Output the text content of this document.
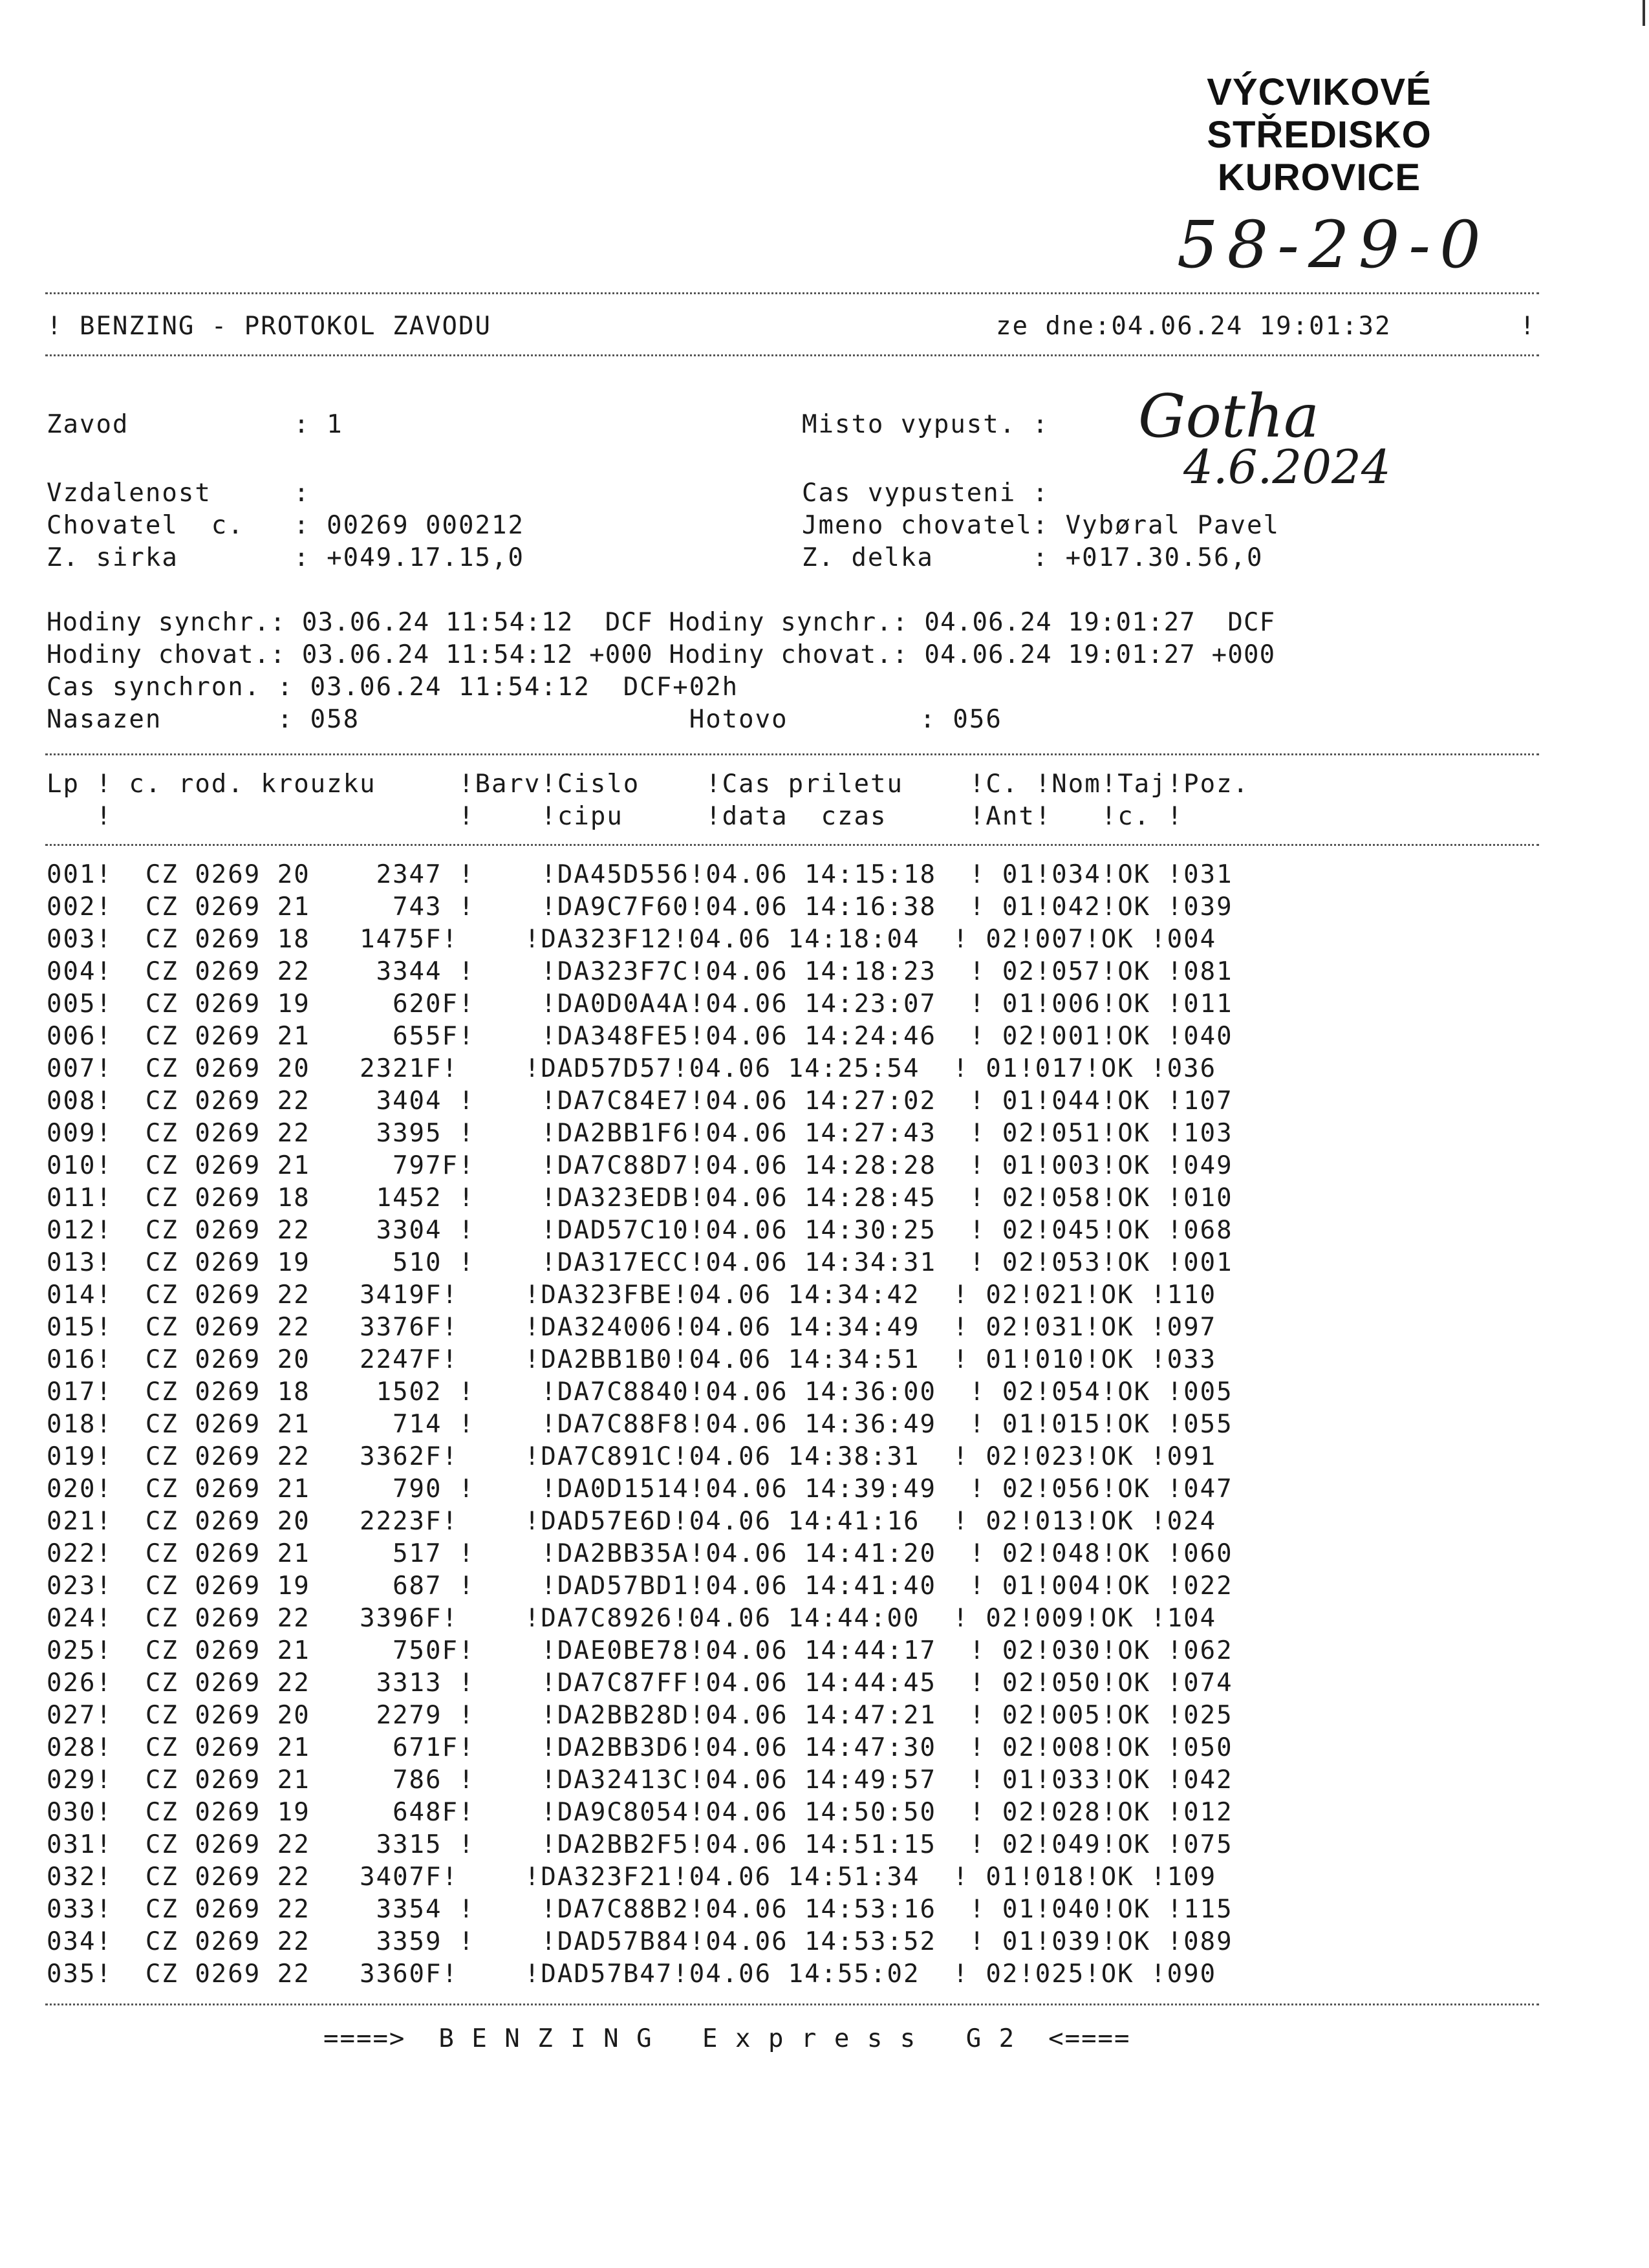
VÝCVIKOVÉ STŘEDISKO
KUROVICE
58-29-0
! BENZING - PROTOKOL ZAVODU	ze dne:04.06.24 19:01:32	!
Zavod          : 1	Misto vypust. : Gotha
Vzdalenost     :	Cas vypusteni :	4.6.2024
Chovatel  c.   : 00269 000212	Jmeno chovatel: Vybøral Pavel
Z. sirka       : +049.17.15,0	Z. delka      : +017.30.56,0
Hodiny synchr.: 03.06.24 11:54:12  DCF Hodiny synchr.: 04.06.24 19:01:27  DCF
Hodiny chovat.: 03.06.24 11:54:12 +000 Hodiny chovat.: 04.06.24 19:01:27 +000
Cas synchron. : 03.06.24 11:54:12  DCF+02h
Nasazen       : 058                    Hotovo        : 056
Lp ! c. rod. krouzku     !Barv!Cislo    !Cas priletu    !C. !Nom!Taj!Poz.
!                     !    !cipu     !data  czas     !Ant!   !c. !
001!  CZ 0269 20    2347 !    !DA45D556!04.06 14:15:18  ! 01!034!OK !031
002!  CZ 0269 21     743 !    !DA9C7F60!04.06 14:16:38  ! 01!042!OK !039
003!  CZ 0269 18   1475F!    !DA323F12!04.06 14:18:04  ! 02!007!OK !004
004!  CZ 0269 22    3344 !    !DA323F7C!04.06 14:18:23  ! 02!057!OK !081
005!  CZ 0269 19     620F!    !DA0D0A4A!04.06 14:23:07  ! 01!006!OK !011
006!  CZ 0269 21     655F!    !DA348FE5!04.06 14:24:46  ! 02!001!OK !040
007!  CZ 0269 20   2321F!    !DAD57D57!04.06 14:25:54  ! 01!017!OK !036
008!  CZ 0269 22    3404 !    !DA7C84E7!04.06 14:27:02  ! 01!044!OK !107
009!  CZ 0269 22    3395 !    !DA2BB1F6!04.06 14:27:43  ! 02!051!OK !103
010!  CZ 0269 21     797F!    !DA7C88D7!04.06 14:28:28  ! 01!003!OK !049
011!  CZ 0269 18    1452 !    !DA323EDB!04.06 14:28:45  ! 02!058!OK !010
012!  CZ 0269 22    3304 !    !DAD57C10!04.06 14:30:25  ! 02!045!OK !068
013!  CZ 0269 19     510 !    !DA317ECC!04.06 14:34:31  ! 02!053!OK !001
014!  CZ 0269 22   3419F!    !DA323FBE!04.06 14:34:42  ! 02!021!OK !110
015!  CZ 0269 22   3376F!    !DA324006!04.06 14:34:49  ! 02!031!OK !097
016!  CZ 0269 20   2247F!    !DA2BB1B0!04.06 14:34:51  ! 01!010!OK !033
017!  CZ 0269 18    1502 !    !DA7C8840!04.06 14:36:00  ! 02!054!OK !005
018!  CZ 0269 21     714 !    !DA7C88F8!04.06 14:36:49  ! 01!015!OK !055
019!  CZ 0269 22   3362F!    !DA7C891C!04.06 14:38:31  ! 02!023!OK !091
020!  CZ 0269 21     790 !    !DA0D1514!04.06 14:39:49  ! 02!056!OK !047
021!  CZ 0269 20   2223F!    !DAD57E6D!04.06 14:41:16  ! 02!013!OK !024
022!  CZ 0269 21     517 !    !DA2BB35A!04.06 14:41:20  ! 02!048!OK !060
023!  CZ 0269 19     687 !    !DAD57BD1!04.06 14:41:40  ! 01!004!OK !022
024!  CZ 0269 22   3396F!    !DA7C8926!04.06 14:44:00  ! 02!009!OK !104
025!  CZ 0269 21     750F!    !DAE0BE78!04.06 14:44:17  ! 02!030!OK !062
026!  CZ 0269 22    3313 !    !DA7C87FF!04.06 14:44:45  ! 02!050!OK !074
027!  CZ 0269 20    2279 !    !DA2BB28D!04.06 14:47:21  ! 02!005!OK !025
028!  CZ 0269 21     671F!    !DA2BB3D6!04.06 14:47:30  ! 02!008!OK !050
029!  CZ 0269 21     786 !    !DA32413C!04.06 14:49:57  ! 01!033!OK !042
030!  CZ 0269 19     648F!    !DA9C8054!04.06 14:50:50  ! 02!028!OK !012
031!  CZ 0269 22    3315 !    !DA2BB2F5!04.06 14:51:15  ! 02!049!OK !075
032!  CZ 0269 22   3407F!    !DA323F21!04.06 14:51:34  ! 01!018!OK !109
033!  CZ 0269 22    3354 !    !DA7C88B2!04.06 14:53:16  ! 01!040!OK !115
034!  CZ 0269 22    3359 !    !DAD57B84!04.06 14:53:52  ! 01!039!OK !089
035!  CZ 0269 22   3360F!    !DAD57B47!04.06 14:55:02  ! 02!025!OK !090
====>  B E N Z I N G   E x p r e s s   G 2  <====
